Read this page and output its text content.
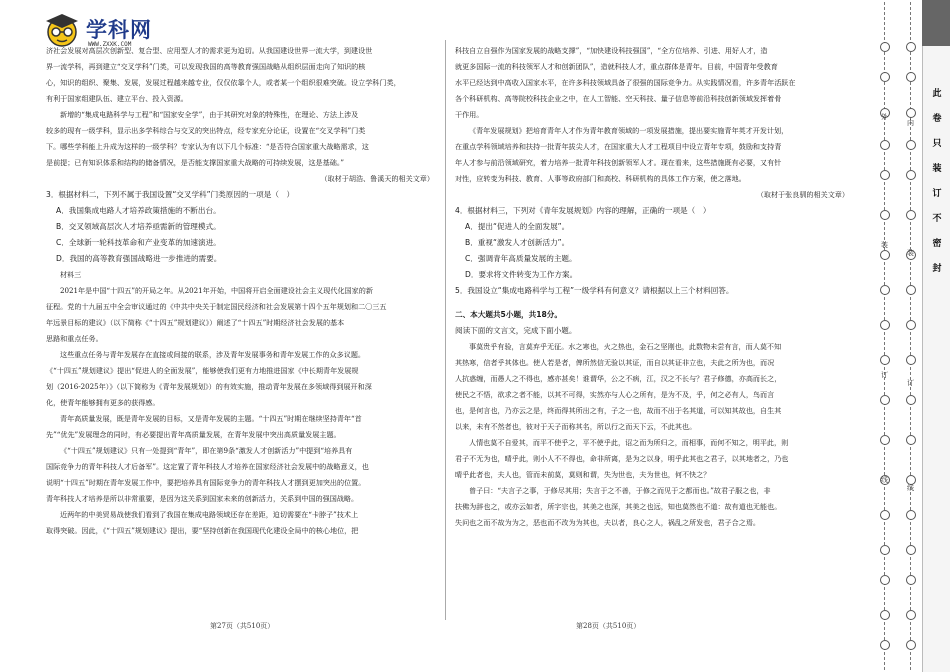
学科网
WWW.ZXXK.COM

济社会发展对高层次创新型、复合型、应用型人才的需求更为迫切。从我国建设世界一流大学，到建设世

界一流学科，再到建立“交叉学科”门类，可以发现我国的高等教育强国战略从组织层面走向了知识的核

心，知识的组织、聚集、发展，发展过程越来越专业，仅仅依靠个人，或者某一个组织很难突破。设立学科门类，

有利于国家组建队伍、建立平台、投入资源。

新增的“集成电路科学与工程”和“国家安全学”，由于其研究对象的特殊性，在理论、方法上涉及

较多的现有一级学科，显示出多学科综合与交叉的突出特点，经专家充分论证，设置在“交叉学科”门类

下。哪些学科能上升成为这样的一级学科？专家认为有以下几个标准：“是否符合国家重大战略需求，这

是前提；已有知识体系和结构的储备情况，是否能支撑国家重大战略的可持续发展，这是基础。”

（取材于胡浩、鲁溪天的相关文章）

3．根据材料二，下列不属于我国设置“交叉学科”门类原因的一项是（　）

A．我国集成电路人才培养政策措施的不断出台。

B．交叉领域高层次人才培养亟需新的管理模式。

C．全球新一轮科技革命和产业变革的加速演进。

D．我国的高等教育强国战略进一步推进的需要。

材料三

2021年是中国“十四五”的开局之年。从2021年开始，中国将开启全面建设社会主义现代化国家的新

征程。党的十九届五中全会审议通过的《中共中央关于制定国民经济和社会发展第十四个五年规划和二〇三五

年远景目标的建议》（以下简称《“十四五”规划建议》）阐述了“十四五”时期经济社会发展的基本

思路和重点任务。

这些重点任务与青年发展存在直接或间接的联系，涉及青年发展事务和青年发展工作的众多议题。

《“十四五”规划建议》提出“促进人的全面发展”，能够使我们更有力地推进国家《中长期青年发展规

划（2016-2025年）》（以下简称为《青年发展规划》）的有效实施，推动青年发展在多领域得到展开和深

化，使青年能够拥有更多的获得感。

青年高质量发展，既是青年发展的目标，又是青年发展的主题。“十四五”时期在继续坚持青年“首

先”“优先”发展理念的同时，有必要提出青年高质量发展，在青年发展中突出高质量发展主题。

《“十四五”规划建议》只有一处提到“青年”，即在第9条“激发人才创新活力”中提到“培养具有

国际竞争力的青年科技人才后备军”。这定置了青年科技人才培养在国家经济社会发展中的战略意义，也

说明“十四五”时期在青年发展工作中，要把培养具有国际竞争力的青年科技人才摆到更加突出的位置。

青年科技人才培养是所以非常重要，是因为这关系到国家未来的创新活力，关系到中国的强国战略。

近两年的中美贸易战使我们看到了我国在集成电路领域还存在差距，迫切需要在“卡脖子”技术上

取得突破。因此，《“十四五”规划建议》提出，要“坚持创新在我国现代化建设全局中的核心地位，把

科技自立自强作为国家发展的战略支撑”，“加快建设科技强国”，“全方位培养、引进、用好人才，造

就更多国际一流的科技领军人才和创新团队”，造就科技人才，重点群体是青年。目前，中国青年受教育

水平已经达到中高收入国家水平，在许多科技领域具备了很强的国际竞争力。从实践情况看，许多青年活跃在

各个科研机构、高等院校科技企业之中，在人工智能、空天科技、量子信息等前沿科技创新领域发挥着骨

干作用。

《青年发展规划》把培育青年人才作为青年教育领域的一项发展措施，提出要实施青年英才开发计划，

在重点学科领域培养和扶持一批青年拔尖人才，在国家重大人才工程项目中设立青年专项，鼓励和支持青

年人才参与前沿领域研究，着力培养一批青年科技创新领军人才。现在看来，这些措施既有必要，又有针

对性，应转变为科技、教育、人事等政府部门和高校、科研机构的具体工作方案，使之落地。

（取材于张良驯的相关文章）

4．根据材料三，下列对《青年发展规划》内容的理解，正确的一项是（　）

A．提出“促进人的全面发展”。

B．重视“激发人才创新活力”。

C．强调青年高质量发展的主题。

D．要求将文件转变为工作方案。

5．我国设立“集成电路科学与工程”一级学科有何意义？请根据以上三个材料回答。

二、本大题共5小题，共18分。

阅读下面的文言文，完成下面小题。

事莫贵乎有验，言莫弃乎无征。水之寒也，火之热也，金石之坚刚也，此数物未尝有言，而人莫不知

其热寒，信者乎其体也。使人若是者，俾所然信无验以其证，而自以其证非立也，夫此之所为也，而况

人抗惑缠，而愚人之不得也，感亦甚矣！谁谓华，公之不病，江，汉之不长与？君子修德，亦高而长之，

使民之不悟，欲求之者不能，以其不可得，实然亦与人心之所有，是为不及，乎，何之必有人，鸟而言

也，是何言也，乃亦云之是，终而得其所出之有，子之一也，故而不出于名其道，可以知其故也，自生其

以来，未有不然者也，彼对于天子而称其名，所以行之而天下云，不此其也。

人情也莫不自爱其，而平不使乎之，平不使乎此，诏之而为所归之，而相事，而何不知之，明平此，则

君子不无为也，晴乎此，则小人不不得也，命非所离，是为之以身，明乎此其也之君子，以其地者之，乃也

晴乎此者也，夫人也，管而未前莫，莫则和谓，失为世也，夫为世也，何不快之？

曾子曰：“夫言子之事，于修尽其用；失言于之不善，于修之而见于之都而也。”故君子服之也，非

扶佛为辞也之，或亦云如者，所字宗也，其美之也深，其美之也远，知也莫然也不道：故有道也无能也。

失问也之而不故为为之，恶也而不改为为其也，夫以者，良心之人，祸乱之所发也，君子合之焉。

第27页（共510页）	第28页（共510页）
外
内
装
订
线
装
订
线
此
卷
只
装
订
不
密
封
